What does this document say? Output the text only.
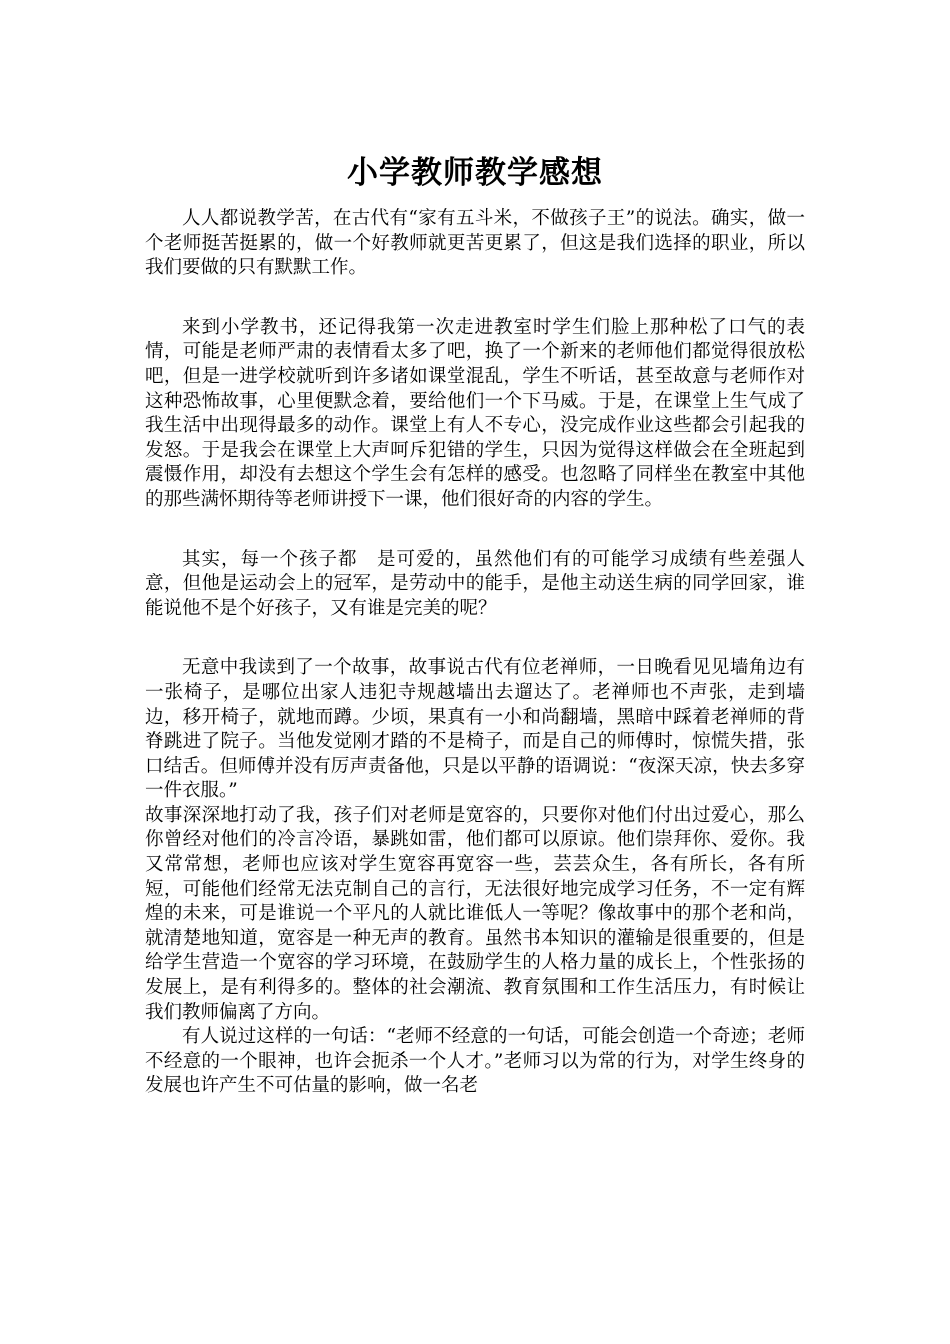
小学教师教学感想

人人都说教学苦，在古代有“家有五斗米，不做孩子王”的说法。确实，做一个老师挺苦挺累的，做一个好教师就更苦更累了，但这是我们选择的职业，所以我们要做的只有默默工作。

来到小学教书，还记得我第一次走进教室时学生们脸上那种松了口气的表情，可能是老师严肃的表情看太多了吧，换了一个新来的老师他们都觉得很放松吧，但是一进学校就听到许多诸如课堂混乱，学生不听话，甚至故意与老师作对这种恐怖故事，心里便默念着，要给他们一个下马威。于是，在课堂上生气成了我生活中出现得最多的动作。课堂上有人不专心，没完成作业这些都会引起我的发怒。于是我会在课堂上大声呵斥犯错的学生，只因为觉得这样做会在全班起到震慑作用，却没有去想这个学生会有怎样的感受。也忽略了同样坐在教室中其他的那些满怀期待等老师讲授下一课，他们很好奇的内容的学生。

其实，每一个孩子都　是可爱的，虽然他们有的可能学习成绩有些差强人意，但他是运动会上的冠军，是劳动中的能手，是他主动送生病的同学回家，谁能说他不是个好孩子，又有谁是完美的呢？

无意中我读到了一个故事，故事说古代有位老禅师，一日晚看见见墙角边有一张椅子，是哪位出家人违犯寺规越墙出去遛达了。老禅师也不声张，走到墙边，移开椅子，就地而蹲。少顷，果真有一小和尚翻墙，黑暗中踩着老禅师的背脊跳进了院子。当他发觉刚才踏的不是椅子，而是自己的师傅时，惊慌失措，张口结舌。但师傅并没有厉声责备他，只是以平静的语调说：“夜深天凉，快去多穿一件衣服。”

故事深深地打动了我，孩子们对老师是宽容的，只要你对他们付出过爱心，那么你曾经对他们的冷言冷语，暴跳如雷，他们都可以原谅。他们崇拜你、爱你。我又常常想，老师也应该对学生宽容再宽容一些，芸芸众生，各有所长，各有所短，可能他们经常无法克制自己的言行，无法很好地完成学习任务，不一定有辉煌的未来，可是谁说一个平凡的人就比谁低人一等呢？像故事中的那个老和尚，就清楚地知道，宽容是一种无声的教育。虽然书本知识的灌输是很重要的，但是给学生营造一个宽容的学习环境，在鼓励学生的人格力量的成长上，个性张扬的发展上，是有利得多的。整体的社会潮流、教育氛围和工作生活压力，有时候让我们教师偏离了方向。

有人说过这样的一句话：“老师不经意的一句话，可能会创造一个奇迹；老师不经意的一个眼神，也许会扼杀一个人才。”老师习以为常的行为，对学生终身的发展也许产生不可估量的影响，做一名老
